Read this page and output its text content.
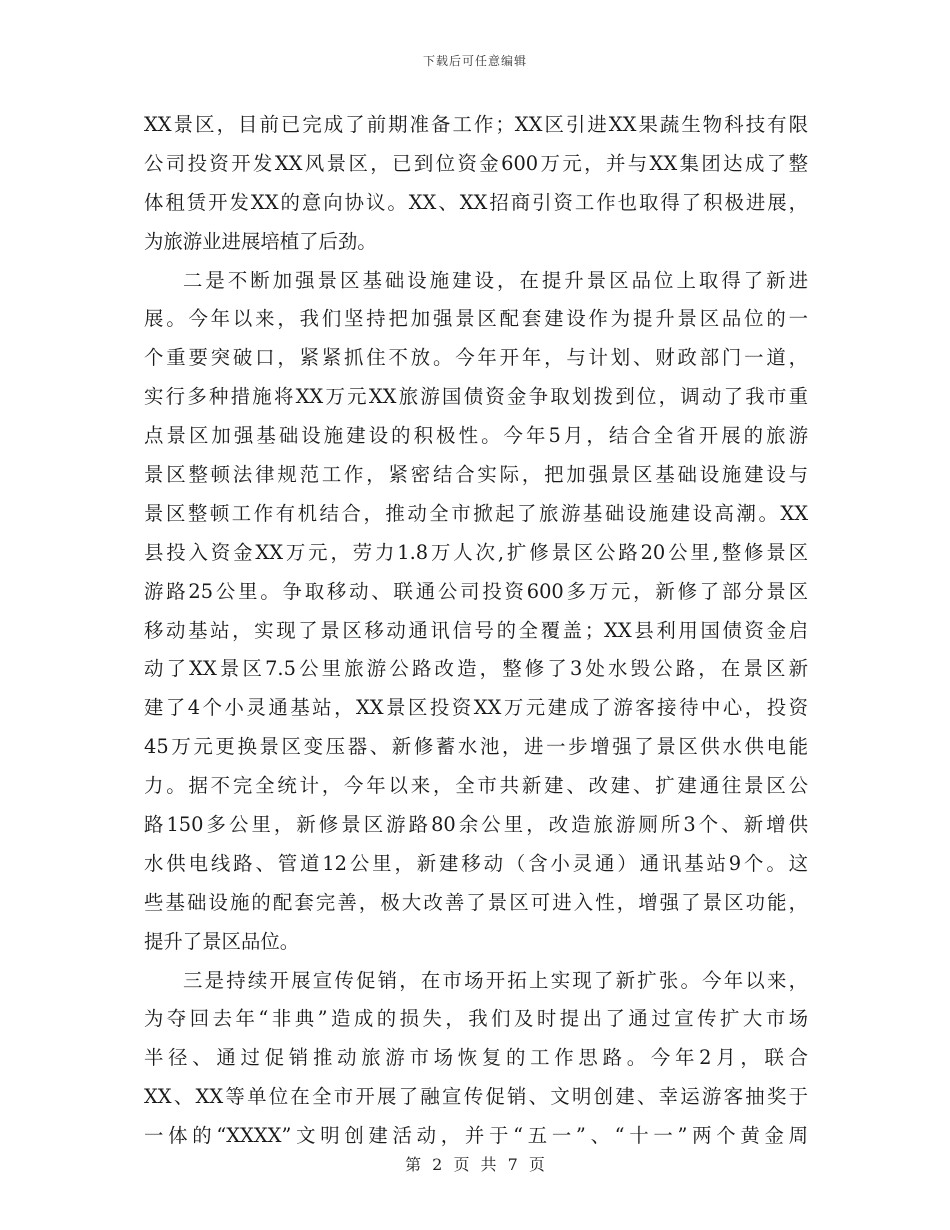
下载后可任意编辑
XX景区，目前已完成了前期准备工作；XX区引进XX果蔬生物科技有限
公司投资开发XX风景区，已到位资金600万元，并与XX集团达成了整
体租赁开发XX的意向协议。XX、XX招商引资工作也取得了积极进展，
为旅游业进展培植了后劲。
二是不断加强景区基础设施建设，在提升景区品位上取得了新进
展。今年以来，我们坚持把加强景区配套建设作为提升景区品位的一
个重要突破口，紧紧抓住不放。今年开年，与计划、财政部门一道，
实行多种措施将XX万元XX旅游国债资金争取划拨到位，调动了我市重
点景区加强基础设施建设的积极性。今年5月，结合全省开展的旅游
景区整顿法律规范工作，紧密结合实际，把加强景区基础设施建设与
景区整顿工作有机结合，推动全市掀起了旅游基础设施建设高潮。XX
县投入资金XX万元，劳力1.8万人次,扩修景区公路20公里,整修景区
游路25公里。争取移动、联通公司投资600多万元，新修了部分景区
移动基站，实现了景区移动通讯信号的全覆盖；XX县利用国债资金启
动了XX景区7.5公里旅游公路改造，整修了3处水毁公路，在景区新
建了4个小灵通基站，XX景区投资XX万元建成了游客接待中心，投资
45万元更换景区变压器、新修蓄水池，进一步增强了景区供水供电能
力。据不完全统计，今年以来，全市共新建、改建、扩建通往景区公
路150多公里，新修景区游路80余公里，改造旅游厕所3个、新增供
水供电线路、管道12公里，新建移动（含小灵通）通讯基站9个。这
些基础设施的配套完善，极大改善了景区可进入性，增强了景区功能，
提升了景区品位。
三是持续开展宣传促销，在市场开拓上实现了新扩张。今年以来，
为夺回去年“非典”造成的损失，我们及时提出了通过宣传扩大市场
半径、通过促销推动旅游市场恢复的工作思路。今年2月，联合
XX、XX等单位在全市开展了融宣传促销、文明创建、幸运游客抽奖于
一体的“XXXX”文明创建活动，并于“五一”、“十一”两个黄金周
第 2 页 共 7 页
